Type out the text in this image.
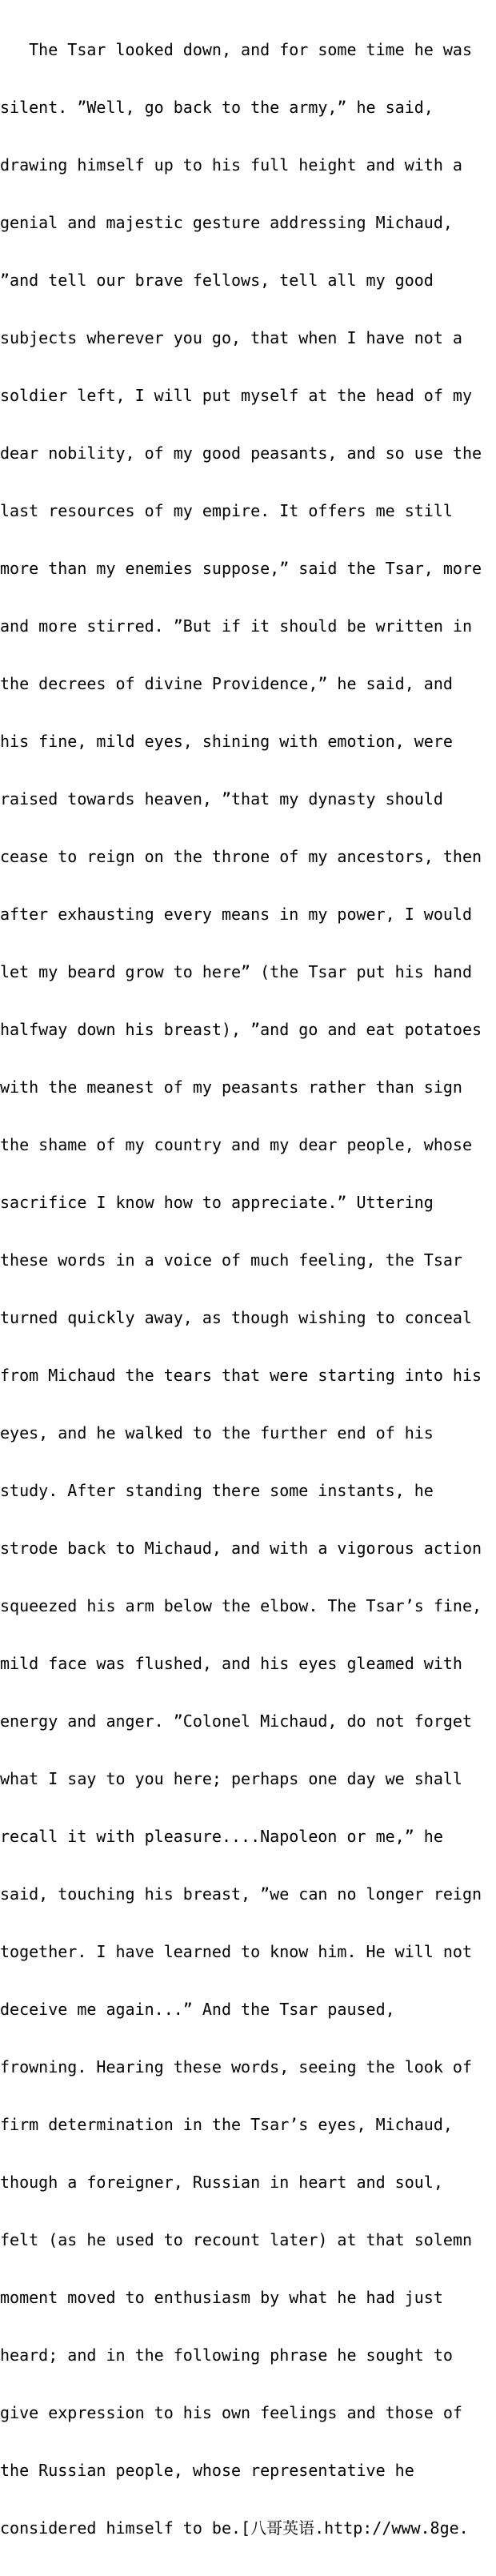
The Tsar looked down, and for some time he was

silent. ”Well, go back to the army,” he said,

drawing himself up to his full height and with a

genial and majestic gesture addressing Michaud,

”and tell our brave fellows, tell all my good

subjects wherever you go, that when I have not a

soldier left, I will put myself at the head of my

dear nobility, of my good peasants, and so use the

last resources of my empire. It offers me still

more than my enemies suppose,” said the Tsar, more

and more stirred. ”But if it should be written in

the decrees of divine Providence,” he said, and

his fine, mild eyes, shining with emotion, were

raised towards heaven, ”that my dynasty should

cease to reign on the throne of my ancestors, then

after exhausting every means in my power, I would

let my beard grow to here” (the Tsar put his hand

halfway down his breast), ”and go and eat potatoes

with the meanest of my peasants rather than sign

the shame of my country and my dear people, whose

sacrifice I know how to appreciate.” Uttering

these words in a voice of much feeling, the Tsar

turned quickly away, as though wishing to conceal

from Michaud the tears that were starting into his

eyes, and he walked to the further end of his

study. After standing there some instants, he

strode back to Michaud, and with a vigorous action

squeezed his arm below the elbow. The Tsar’s fine,

mild face was flushed, and his eyes gleamed with

energy and anger. ”Colonel Michaud, do not forget

what I say to you here; perhaps one day we shall

recall it with pleasure....Napoleon or me,” he

said, touching his breast, ”we can no longer reign

together. I have learned to know him. He will not

deceive me again...” And the Tsar paused,

frowning. Hearing these words, seeing the look of

firm determination in the Tsar’s eyes, Michaud,

though a foreigner, Russian in heart and soul,

felt (as he used to recount later) at that solemn

moment moved to enthusiasm by what he had just

heard; and in the following phrase he sought to

give expression to his own feelings and those of

the Russian people, whose representative he

considered himself to be.[八哥英语.http://www.8ge.
